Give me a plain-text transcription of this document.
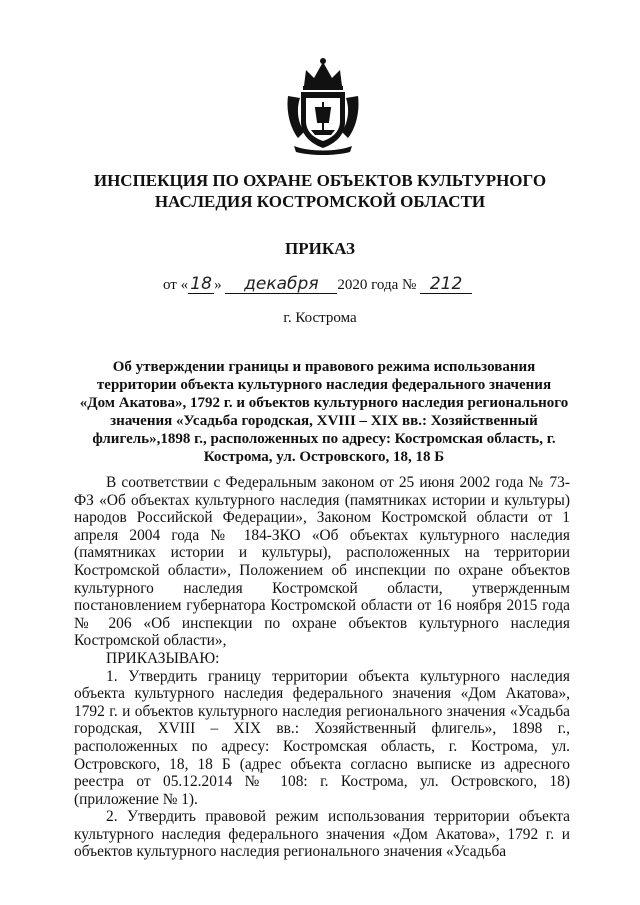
ИНСПЕКЦИЯ ПО ОХРАНЕ ОБЪЕКТОВ КУЛЬТУРНОГО НАСЛЕДИЯ КОСТРОМСКОЙ ОБЛАСТИ
ПРИКАЗ
от « 18 » декабря 2020 года № 212

г. Кострома

Об утверждении границы и правового режима использования территории объекта культурного наследия федерального значения «Дом Акатова», 1792 г. и объектов культурного наследия регионального значения «Усадьба городская, XVIII – XIX вв.: Хозяйственный флигель»,1898 г., расположенных по адресу: Костромская область, г. Кострома, ул. Островского, 18, 18 Б

В соответствии с Федеральным законом от 25 июня 2002 года № 73-ФЗ «Об объектах культурного наследия (памятниках истории и культуры) народов Российской Федерации», Законом Костромской области от 1 апреля 2004 года № 184-ЗКО «Об объектах культурного наследия (памятниках истории и культуры), расположенных на территории Костромской области», Положением об инспекции по охране объектов культурного наследия Костромской области, утвержденным постановлением губернатора Костромской области от 16 ноября 2015 года № 206 «Об инспекции по охране объектов культурного наследия Костромской области»,

ПРИКАЗЫВАЮ:

1. Утвердить границу территории объекта культурного наследия объекта культурного наследия федерального значения «Дом Акатова», 1792 г. и объектов культурного наследия регионального значения «Усадьба городская, XVIII – XIX вв.: Хозяйственный флигель», 1898 г., расположенных по адресу: Костромская область, г. Кострома, ул. Островского, 18, 18 Б (адрес объекта согласно выписке из адресного реестра от 05.12.2014 № 108: г. Кострома, ул. Островского, 18) (приложение № 1).

2. Утвердить правовой режим использования территории объекта культурного наследия федерального значения «Дом Акатова», 1792 г. и объектов культурного наследия регионального значения «Усадьба
